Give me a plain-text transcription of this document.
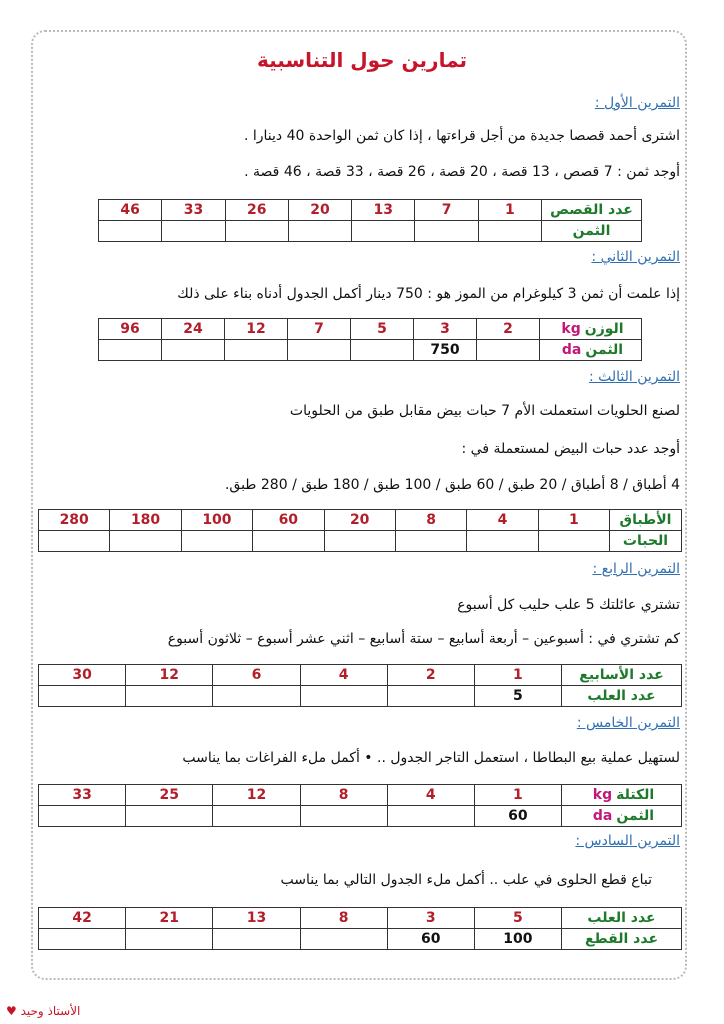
تمارين حول التناسبية
التمرين الأول :
اشترى أحمد قصصا جديدة من أجل قراءتها ، إذا كان ثمن الواحدة 40 دينارا .
أوجد ثمن : 7 قصص ، 13 قصة ، 20 قصة ، 26 قصة ، 33 قصة ، 46 قصة .
عدد القصص	1	7	13	20	26	33	46
الثمن							
التمرين الثاني :
إذا علمت أن ثمن 3 كيلوغرام من الموز هو : 750 دينار أكمل الجدول أدناه بناء على ذلك
الوزنkg	2	3	5	7	12	24	96
الثمنda		750					
التمرين الثالث :
لصنع الحلويات استعملت الأم 7 حبات بيض مقابل طبق من الحلويات
أوجد عدد حبات البيض لمستعملة في :
4 أطباق / 8 أطباق / 20 طبق / 60 طبق / 100 طبق / 180 طبق / 280 طبق.
الأطباق	1	4	8	20	60	100	180	280
الحبات								
التمرين الرابع :
تشتري عائلتك 5 علب حليب كل أسبوع
كم تشتري في : أسبوعين – أربعة أسابيع – ستة أسابيع – اثني عشر أسبوع – ثلاثون أسبوع
عدد الأسابيع	1	2	4	6	12	30
عدد العلب	5					
التمرين الخامس :
لستهيل عملية بيع البطاطا ، استعمل التاجر الجدول .. • أكمل ملء الفراغات بما يناسب
الكتلةkg	1	4	8	12	25	33
الثمنda	60					
التمرين السادس :
تباع قطع الحلوى في علب .. أكمل ملء الجدول التالي بما يناسب
عدد العلب	5	3	8	13	21	42
عدد القطع	100	60				
الأستاذ وحيد ♥
